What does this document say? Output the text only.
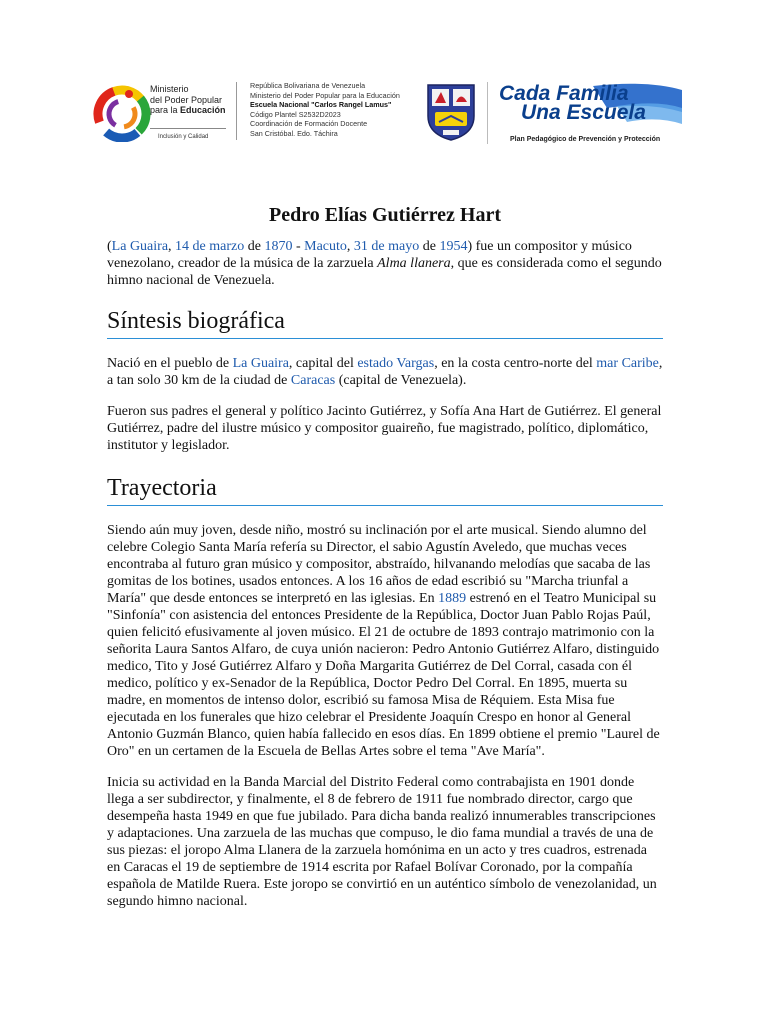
Ministerio
del Poder Popular
para la Educación
Inclusión y Calidad
República Bolivariana de Venezuela
Ministerio del Poder Popular para la Educación
Escuela Nacional "Carlos Rangel Lamus"
Código Plantel S2532D2023
Coordinación de Formación Docente
San Cristóbal. Edo. Táchira
Cada Familia
Una Escuela
Plan Pedagógico de Prevención y Protección
Pedro Elías Gutiérrez Hart

(La Guaira, 14 de marzo de 1870 - Macuto, 31 de mayo de 1954) fue un compositor y músico venezolano, creador de la música de la zarzuela Alma llanera, que es considerada como el segundo himno nacional de Venezuela.

Síntesis biográfica

Nació en el pueblo de La Guaira, capital del estado Vargas, en la costa centro-norte del mar Caribe, a tan solo 30 km de la ciudad de Caracas (capital de Venezuela).

Fueron sus padres el general y político Jacinto Gutiérrez, y Sofía Ana Hart de Gutiérrez. El general Gutiérrez, padre del ilustre músico y compositor guaireño, fue magistrado, político, diplomático, institutor y legislador.

Trayectoria

Siendo aún muy joven, desde niño, mostró su inclinación por el arte musical. Siendo alumno del celebre Colegio Santa María refería su Director, el sabio Agustín Aveledo, que muchas veces encontraba al futuro gran músico y compositor, abstraído, hilvanando melodías que sacaba de las gomitas de los botines, usados entonces. A los 16 años de edad escribió su "Marcha triunfal a María" que desde entonces se interpretó en las iglesias. En 1889 estrenó en el Teatro Municipal su "Sinfonía" con asistencia del entonces Presidente de la República, Doctor Juan Pablo Rojas Paúl, quien felicitó efusivamente al joven músico. El 21 de octubre de 1893 contrajo matrimonio con la señorita Laura Santos Alfaro, de cuya unión nacieron: Pedro Antonio Gutiérrez Alfaro, distinguido medico, Tito y José Gutiérrez Alfaro y Doña Margarita Gutiérrez de Del Corral, casada con él medico, político y ex-Senador de la República, Doctor Pedro Del Corral. En 1895, muerta su madre, en momentos de intenso dolor, escribió su famosa Misa de Réquiem. Esta Misa fue ejecutada en los funerales que hizo celebrar el Presidente Joaquín Crespo en honor al General Antonio Guzmán Blanco, quien había fallecido en esos días. En 1899 obtiene el premio "Laurel de Oro" en un certamen de la Escuela de Bellas Artes sobre el tema "Ave María".

Inicia su actividad en la Banda Marcial del Distrito Federal como contrabajista en 1901 donde llega a ser subdirector, y finalmente, el 8 de febrero de 1911 fue nombrado director, cargo que desempeña hasta 1949 en que fue jubilado. Para dicha banda realizó innumerables transcripciones y adaptaciones. Una zarzuela de las muchas que compuso, le dio fama mundial a través de una de sus piezas: el joropo Alma Llanera de la zarzuela homónima en un acto y tres cuadros, estrenada en Caracas el 19 de septiembre de 1914 escrita por Rafael Bolívar Coronado, por la compañía española de Matilde Ruera. Este joropo se convirtió en un auténtico símbolo de venezolanidad, un segundo himno nacional.
